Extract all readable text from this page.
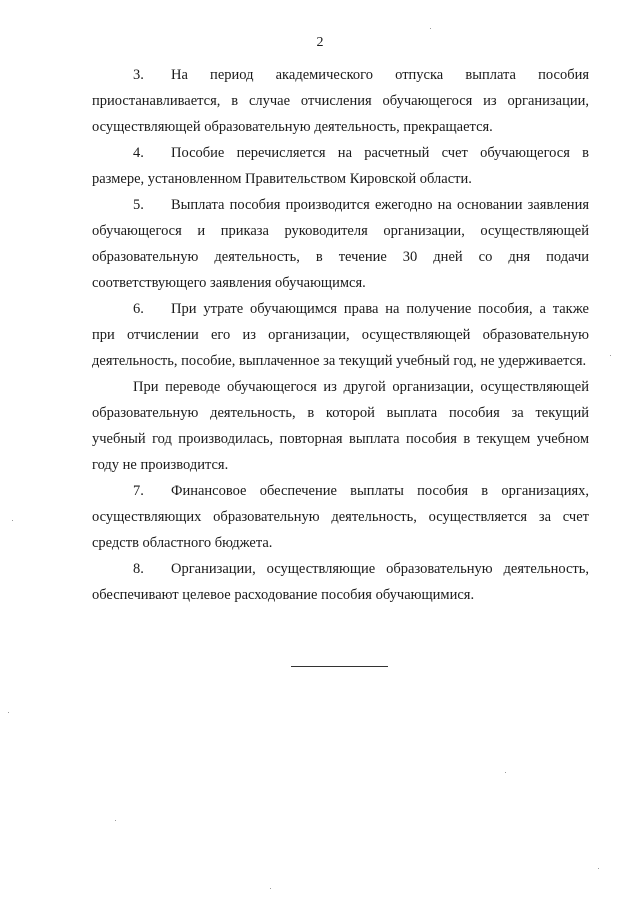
2

3. На период академического отпуска выплата пособия приостанавливается, в случае отчисления обучающегося из организации, осуществляющей образовательную деятельность, прекращается.

4. Пособие перечисляется на расчетный счет обучающегося в размере, установленном Правительством Кировской области.

5. Выплата пособия производится ежегодно на основании заявления обучающегося и приказа руководителя организации, осуществляющей образовательную деятельность, в течение 30 дней со дня подачи соответствующего заявления обучающимся.

6. При утрате обучающимся права на получение пособия, а также при отчислении его из организации, осуществляющей образовательную деятельность, пособие, выплаченное за текущий учебный год, не удерживается.

При переводе обучающегося из другой организации, осуществляющей образовательную деятельность, в которой выплата пособия за текущий учебный год производилась, повторная выплата пособия в текущем учебном году не производится.

7. Финансовое обеспечение выплаты пособия в организациях, осуществляющих образовательную деятельность, осуществляется за счет средств областного бюджета.

8. Организации, осуществляющие образовательную деятельность, обеспечивают целевое расходование пособия обучающимися.
